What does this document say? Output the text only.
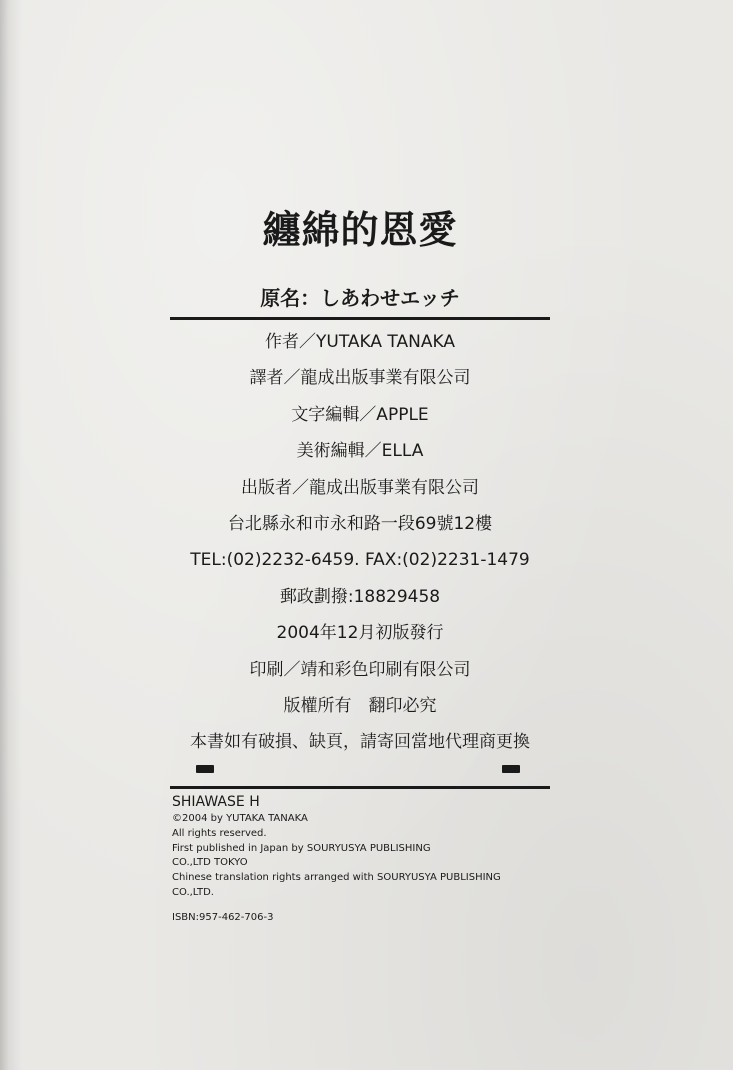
纏綿的恩愛
原名：しあわせエッチ
作者／YUTAKA TANAKA
譯者／龍成出版事業有限公司
文字編輯／APPLE
美術編輯／ELLA
出版者／龍成出版事業有限公司
台北縣永和市永和路一段69號12樓
TEL:(02)2232-6459. FAX:(02)2231-1479
郵政劃撥:18829458
2004年12月初版發行
印刷／靖和彩色印刷有限公司
版權所有　翻印必究
本書如有破損、缺頁，請寄回當地代理商更換
SHIAWASE H
©2004 by YUTAKA TANAKA
All rights reserved.
First published in Japan by SOURYUSYA PUBLISHING
CO.,LTD TOKYO
Chinese translation rights arranged with SOURYUSYA PUBLISHING
CO.,LTD.
ISBN:957-462-706-3
